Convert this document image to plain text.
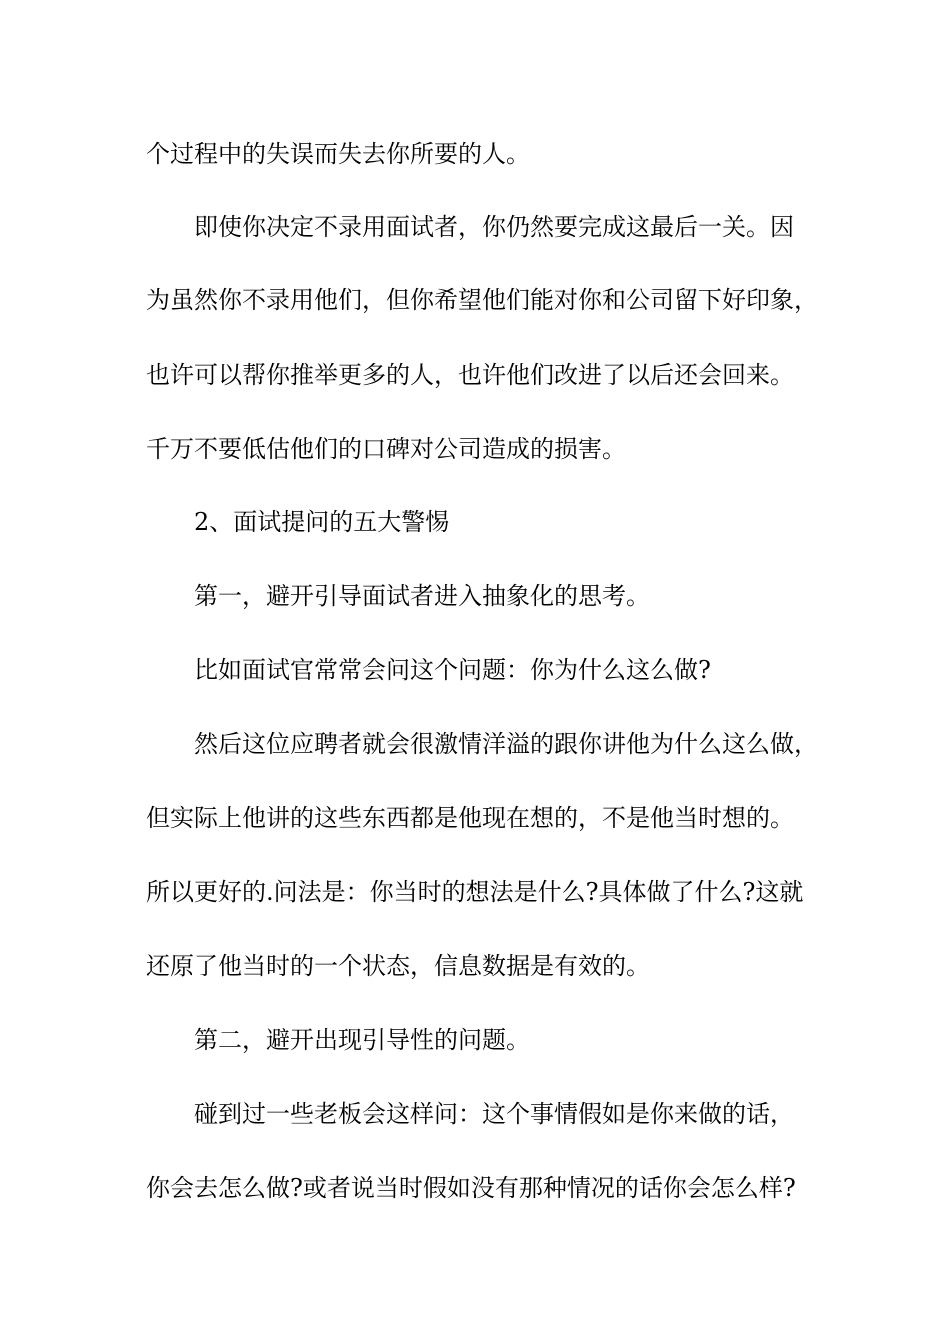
个过程中的失误而失去你所要的人。
即使你决定不录用面试者，你仍然要完成这最后一关。因
为虽然你不录用他们，但你希望他们能对你和公司留下好印象，
也许可以帮你推举更多的人，也许他们改进了以后还会回来。
千万不要低估他们的口碑对公司造成的损害。
2、面试提问的五大警惕
第一，避开引导面试者进入抽象化的思考。
比如面试官常常会问这个问题：你为什么这么做?
然后这位应聘者就会很激情洋溢的跟你讲他为什么这么做，
但实际上他讲的这些东西都是他现在想的，不是他当时想的。
所以更好的.问法是：你当时的想法是什么?具体做了什么?这就
还原了他当时的一个状态，信息数据是有效的。
第二，避开出现引导性的问题。
碰到过一些老板会这样问：这个事情假如是你来做的话，
你会去怎么做?或者说当时假如没有那种情况的话你会怎么样?
